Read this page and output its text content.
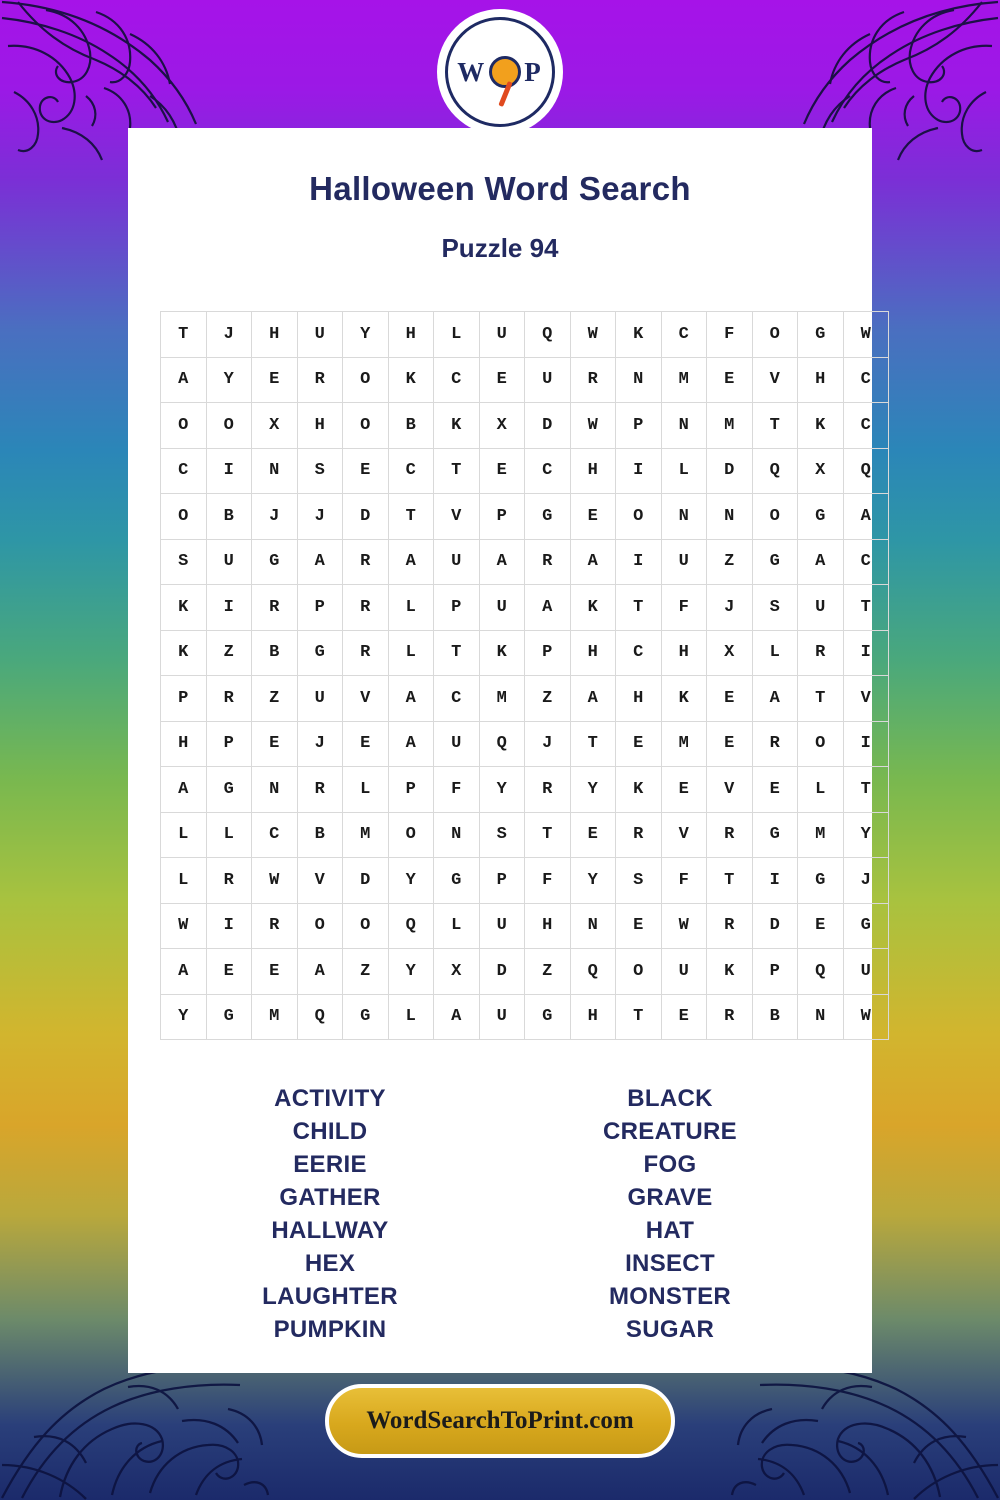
W P
Halloween Word Search
Puzzle 94
T	J	H	U	Y	H	L	U	Q	W	K	C	F	O	G	W
A	Y	E	R	O	K	C	E	U	R	N	M	E	V	H	C
O	O	X	H	O	B	K	X	D	W	P	N	M	T	K	C
C	I	N	S	E	C	T	E	C	H	I	L	D	Q	X	Q
O	B	J	J	D	T	V	P	G	E	O	N	N	O	G	A
S	U	G	A	R	A	U	A	R	A	I	U	Z	G	A	C
K	I	R	P	R	L	P	U	A	K	T	F	J	S	U	T
K	Z	B	G	R	L	T	K	P	H	C	H	X	L	R	I
P	R	Z	U	V	A	C	M	Z	A	H	K	E	A	T	V
H	P	E	J	E	A	U	Q	J	T	E	M	E	R	O	I
A	G	N	R	L	P	F	Y	R	Y	K	E	V	E	L	T
L	L	C	B	M	O	N	S	T	E	R	V	R	G	M	Y
L	R	W	V	D	Y	G	P	F	Y	S	F	T	I	G	J
W	I	R	O	O	Q	L	U	H	N	E	W	R	D	E	G
A	E	E	A	Z	Y	X	D	Z	Q	O	U	K	P	Q	U
Y	G	M	Q	G	L	A	U	G	H	T	E	R	B	N	W
ACTIVITY
CHILD
EERIE
GATHER
HALLWAY
HEX
LAUGHTER
PUMPKIN
BLACK
CREATURE
FOG
GRAVE
HAT
INSECT
MONSTER
SUGAR
WordSearchToPrint.com
